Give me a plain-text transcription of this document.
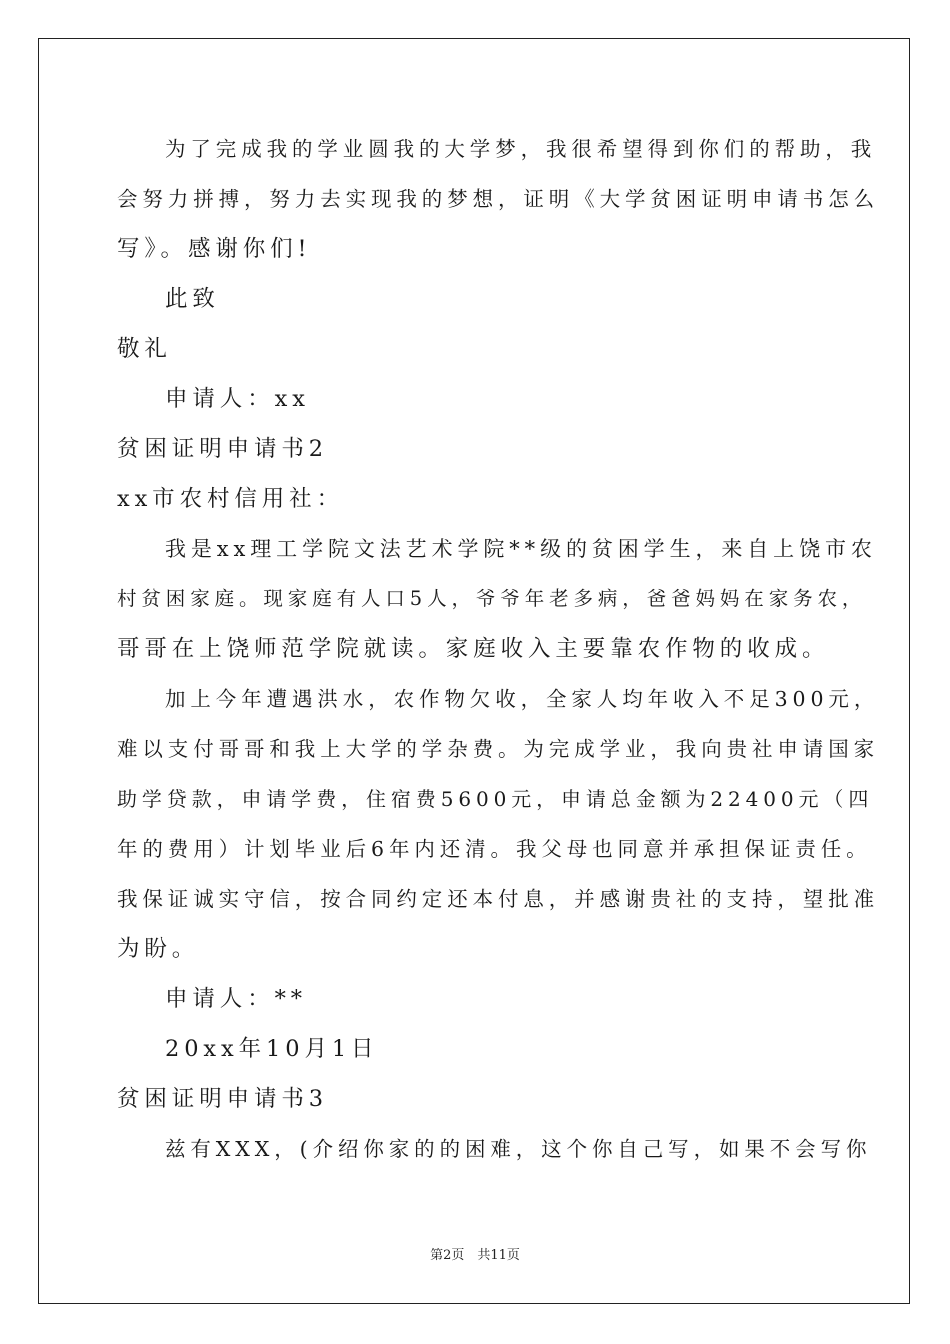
为了完成我的学业圆我的大学梦，我很希望得到你们的帮助，我
会努力拼搏，努力去实现我的梦想，证明《大学贫困证明申请书怎么
写》。感谢你们!
此致
敬礼
申请人：xx
贫困证明申请书2
xx市农村信用社：
我是xx理工学院文法艺术学院**级的贫困学生，来自上饶市农
村贫困家庭。现家庭有人口5人，爷爷年老多病，爸爸妈妈在家务农，
哥哥在上饶师范学院就读。家庭收入主要靠农作物的收成。
加上今年遭遇洪水，农作物欠收，全家人均年收入不足300元，
难以支付哥哥和我上大学的学杂费。为完成学业，我向贵社申请国家
助学贷款，申请学费，住宿费5600元，申请总金额为22400元（四
年的费用）计划毕业后6年内还清。我父母也同意并承担保证责任。
我保证诚实守信，按合同约定还本付息，并感谢贵社的支持，望批准
为盼。
申请人：**
20xx年10月1日
贫困证明申请书3
兹有XXX，(介绍你家的的困难，这个你自己写，如果不会写你
第2页　共11页
